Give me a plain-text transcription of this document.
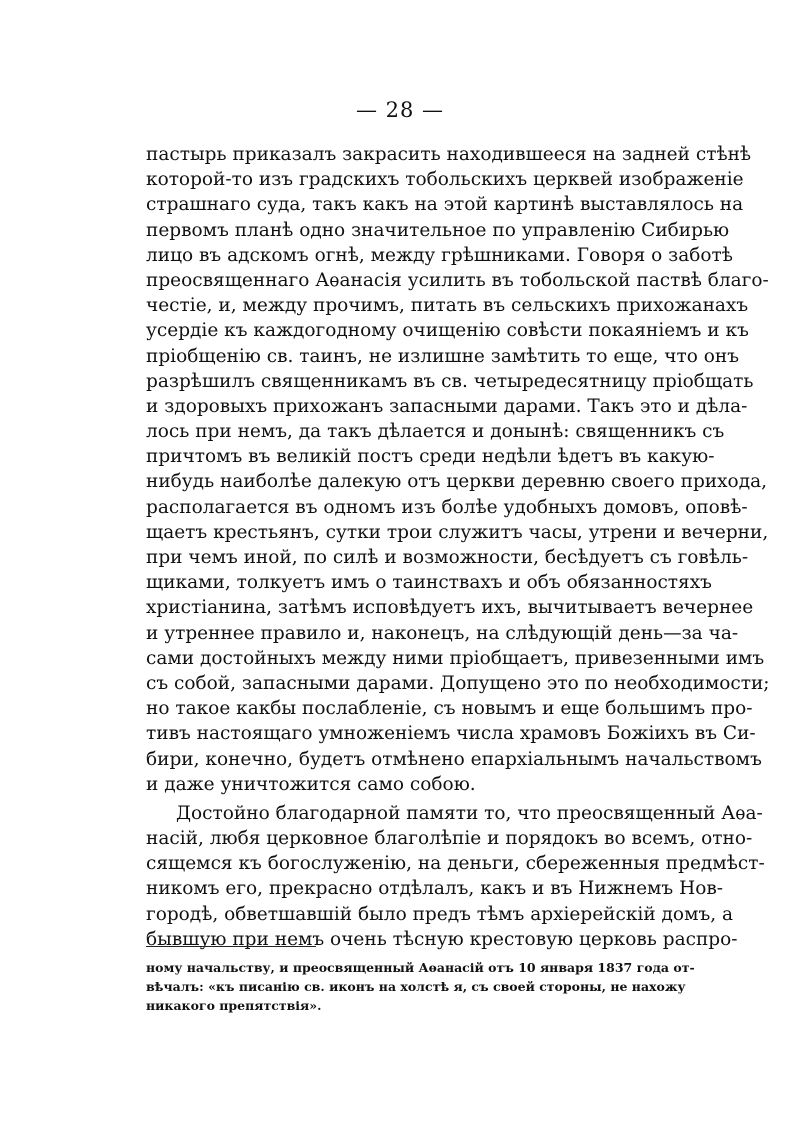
— 28 —
пастырь приказалъ закрасить находившееся на задней стѣнѣ
которой-то изъ градскихъ тобольскихъ церквей изображеніе
страшнаго суда, такъ какъ на этой картинѣ выставлялось на
первомъ планѣ одно значительное по управленію Сибирью
лицо въ адскомъ огнѣ, между грѣшниками. Говоря о заботѣ
преосвященнаго Аѳанасія усилить въ тобольской паствѣ благо-
честіе, и, между прочимъ, питать въ сельскихъ прихожанахъ
усердіе къ каждогодному очищенію совѣсти покаяніемъ и къ
пріобщенію св. таинъ, не излишне замѣтить то еще, что онъ
разрѣшилъ священникамъ въ св. четыредесятницу пріобщать
и здоровыхъ прихожанъ запасными дарами. Такъ это и дѣла-
лось при немъ, да такъ дѣлается и донынѣ: священникъ съ
причтомъ въ великій постъ среди недѣли ѣдетъ въ какую-
нибудь наиболѣе далекую отъ церкви деревню своего прихода,
располагается въ одномъ изъ болѣе удобныхъ домовъ, оповѣ-
щаетъ крестьянъ, сутки трои служитъ часы, утрени и вечерни,
при чемъ иной, по силѣ и возможности, бесѣдуетъ съ говѣль-
щиками, толкуетъ имъ о таинствахъ и объ обязанностяхъ
христіанина, затѣмъ исповѣдуетъ ихъ, вычитываетъ вечернее
и утреннее правило и, наконецъ, на слѣдующій день—за ча-
сами достойныхъ между ними пріобщаетъ, привезенными имъ
съ собой, запасными дарами. Допущено это по необходимости;
но такое какбы послабленіе, съ новымъ и еще большимъ про-
тивъ настоящаго умноженіемъ числа храмовъ Божіихъ въ Си-
бири, конечно, будетъ отмѣнено епархіальнымъ начальствомъ
и даже уничтожится само собою.
Достойно благодарной памяти то, что преосвященный Аѳа-
насій, любя церковное благолѣпіе и порядокъ во всемъ, отно-
сящемся къ богослуженію, на деньги, сбереженныя предмѣст-
никомъ его, прекрасно отдѣлалъ, какъ и въ Нижнемъ Нов-
городѣ, обветшавшій было предъ тѣмъ архіерейскій домъ, а
бывшую при немъ очень тѣсную крестовую церковь распро-
ному начальству, и преосвященный Аѳанасій отъ 10 января 1837 года от-
вѣчалъ: «къ писанію св. иконъ на холстѣ я, съ своей стороны, не нахожу
никакого препятствія».
